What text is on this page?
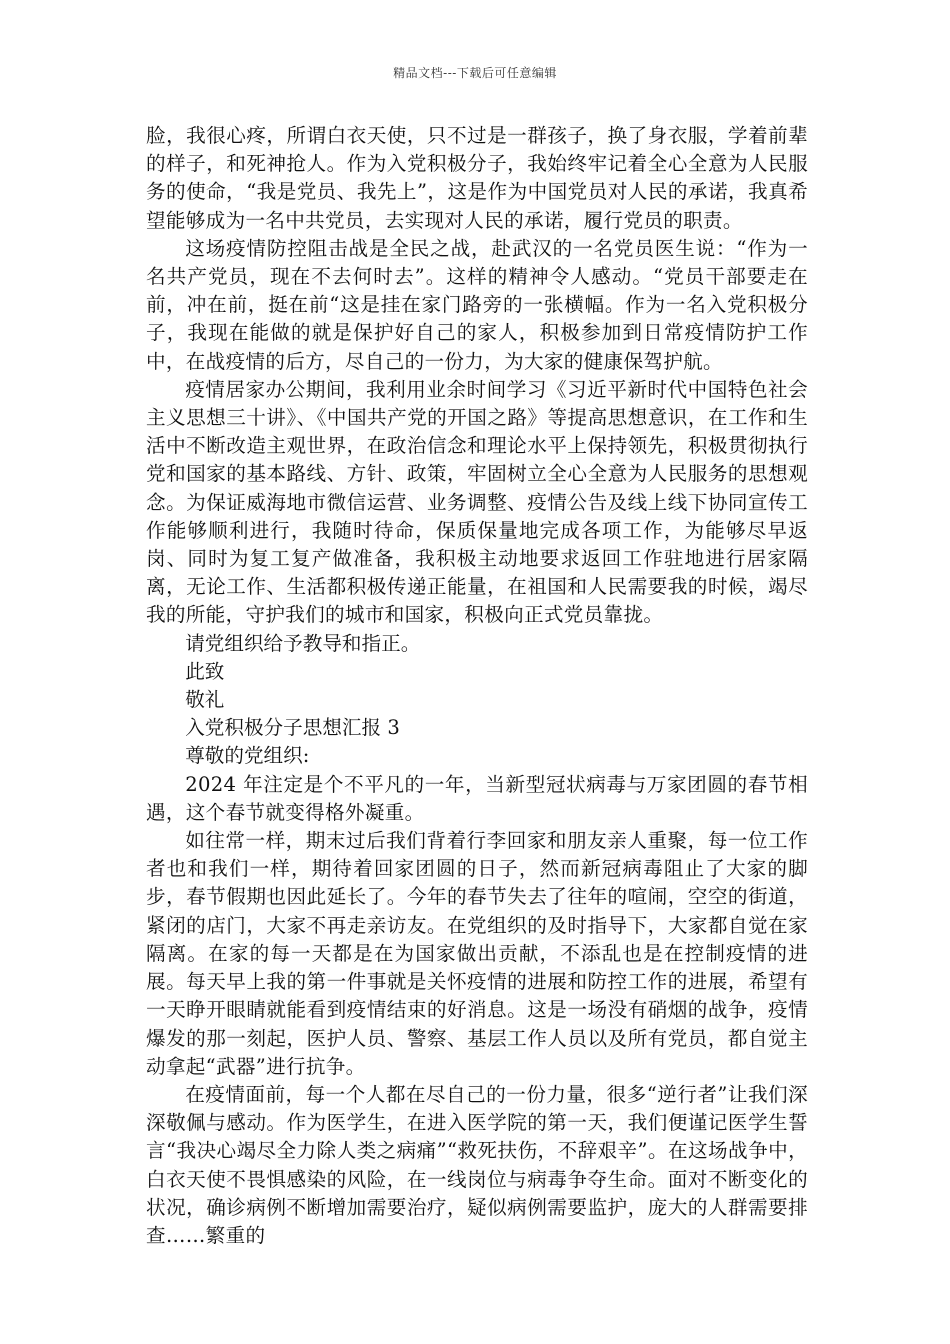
精品文档---下载后可任意编辑

脸，我很心疼，所谓白衣天使，只不过是一群孩子，换了身衣服，学着前辈的样子，和死神抢人。作为入党积极分子，我始终牢记着全心全意为人民服务的使命，“我是党员、我先上”，这是作为中国党员对人民的承诺，我真希望能够成为一名中共党员，去实现对人民的承诺，履行党员的职责。

这场疫情防控阻击战是全民之战，赴武汉的一名党员医生说：“作为一名共产党员，现在不去何时去”。这样的精神令人感动。“党员干部要走在前，冲在前，挺在前“这是挂在家门路旁的一张横幅。作为一名入党积极分子，我现在能做的就是保护好自己的家人，积极参加到日常疫情防护工作中，在战疫情的后方，尽自己的一份力，为大家的健康保驾护航。

疫情居家办公期间，我利用业余时间学习《习近平新时代中国特色社会主义思想三十讲》、《中国共产党的开国之路》等提高思想意识，在工作和生活中不断改造主观世界，在政治信念和理论水平上保持领先，积极贯彻执行党和国家的基本路线、方针、政策，牢固树立全心全意为人民服务的思想观念。为保证威海地市微信运营、业务调整、疫情公告及线上线下协同宣传工作能够顺利进行，我随时待命，保质保量地完成各项工作，为能够尽早返岗、同时为复工复产做准备，我积极主动地要求返回工作驻地进行居家隔离，无论工作、生活都积极传递正能量，在祖国和人民需要我的时候，竭尽我的所能，守护我们的城市和国家，积极向正式党员靠拢。

请党组织给予教导和指正。

此致

敬礼

入党积极分子思想汇报 3

尊敬的党组织:

2024 年注定是个不平凡的一年，当新型冠状病毒与万家团圆的春节相遇，这个春节就变得格外凝重。

如往常一样，期末过后我们背着行李回家和朋友亲人重聚，每一位工作者也和我们一样，期待着回家团圆的日子，然而新冠病毒阻止了大家的脚步，春节假期也因此延长了。今年的春节失去了往年的喧闹，空空的街道，紧闭的店门，大家不再走亲访友。在党组织的及时指导下，大家都自觉在家隔离。在家的每一天都是在为国家做出贡献，不添乱也是在控制疫情的进展。每天早上我的第一件事就是关怀疫情的进展和防控工作的进展，希望有一天睁开眼睛就能看到疫情结束的好消息。这是一场没有硝烟的战争，疫情爆发的那一刻起，医护人员、警察、基层工作人员以及所有党员，都自觉主动拿起“武器”进行抗争。

在疫情面前，每一个人都在尽自己的一份力量，很多“逆行者”让我们深深敬佩与感动。作为医学生，在进入医学院的第一天，我们便谨记医学生誓言“我决心竭尽全力除人类之病痛”“救死扶伤，不辞艰辛”。在这场战争中，白衣天使不畏惧感染的风险，在一线岗位与病毒争夺生命。面对不断变化的状况，确诊病例不断增加需要治疗，疑似病例需要监护，庞大的人群需要排查……繁重的
